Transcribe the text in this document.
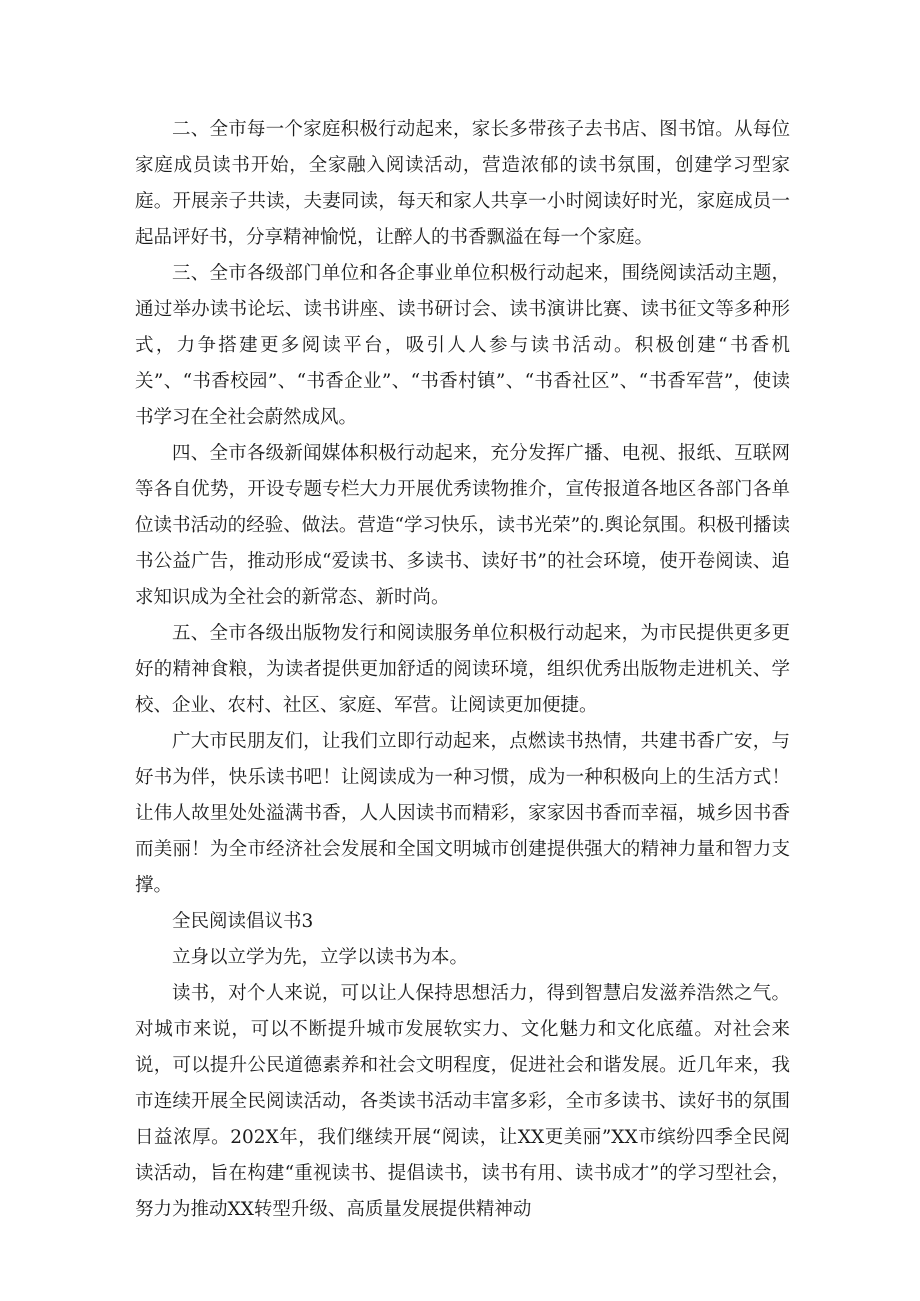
二、全市每一个家庭积极行动起来，家长多带孩子去书店、图书馆。从每位家庭成员读书开始，全家融入阅读活动，营造浓郁的读书氛围，创建学习型家庭。开展亲子共读，夫妻同读，每天和家人共享一小时阅读好时光，家庭成员一起品评好书，分享精神愉悦，让醉人的书香飘溢在每一个家庭。

三、全市各级部门单位和各企事业单位积极行动起来，围绕阅读活动主题，通过举办读书论坛、读书讲座、读书研讨会、读书演讲比赛、读书征文等多种形式，力争搭建更多阅读平台，吸引人人参与读书活动。积极创建“书香机关”、“书香校园”、“书香企业”、“书香村镇”、“书香社区”、“书香军营”，使读书学习在全社会蔚然成风。

四、全市各级新闻媒体积极行动起来，充分发挥广播、电视、报纸、互联网等各自优势，开设专题专栏大力开展优秀读物推介，宣传报道各地区各部门各单位读书活动的经验、做法。营造“学习快乐，读书光荣”的.舆论氛围。积极刊播读书公益广告，推动形成“爱读书、多读书、读好书”的社会环境，使开卷阅读、追求知识成为全社会的新常态、新时尚。

五、全市各级出版物发行和阅读服务单位积极行动起来，为市民提供更多更好的精神食粮，为读者提供更加舒适的阅读环境，组织优秀出版物走进机关、学校、企业、农村、社区、家庭、军营。让阅读更加便捷。

广大市民朋友们，让我们立即行动起来，点燃读书热情，共建书香广安，与好书为伴，快乐读书吧！让阅读成为一种习惯，成为一种积极向上的生活方式！让伟人故里处处溢满书香，人人因读书而精彩，家家因书香而幸福，城乡因书香而美丽！为全市经济社会发展和全国文明城市创建提供强大的精神力量和智力支撑。

全民阅读倡议书3

立身以立学为先，立学以读书为本。

读书，对个人来说，可以让人保持思想活力，得到智慧启发滋养浩然之气。对城市来说，可以不断提升城市发展软实力、文化魅力和文化底蕴。对社会来说，可以提升公民道德素养和社会文明程度，促进社会和谐发展。近几年来，我市连续开展全民阅读活动，各类读书活动丰富多彩，全市多读书、读好书的氛围日益浓厚。202X年，我们继续开展“阅读，让XX更美丽”XX市缤纷四季全民阅读活动，旨在构建“重视读书、提倡读书，读书有用、读书成才”的学习型社会，努力为推动XX转型升级、高质量发展提供精神动
